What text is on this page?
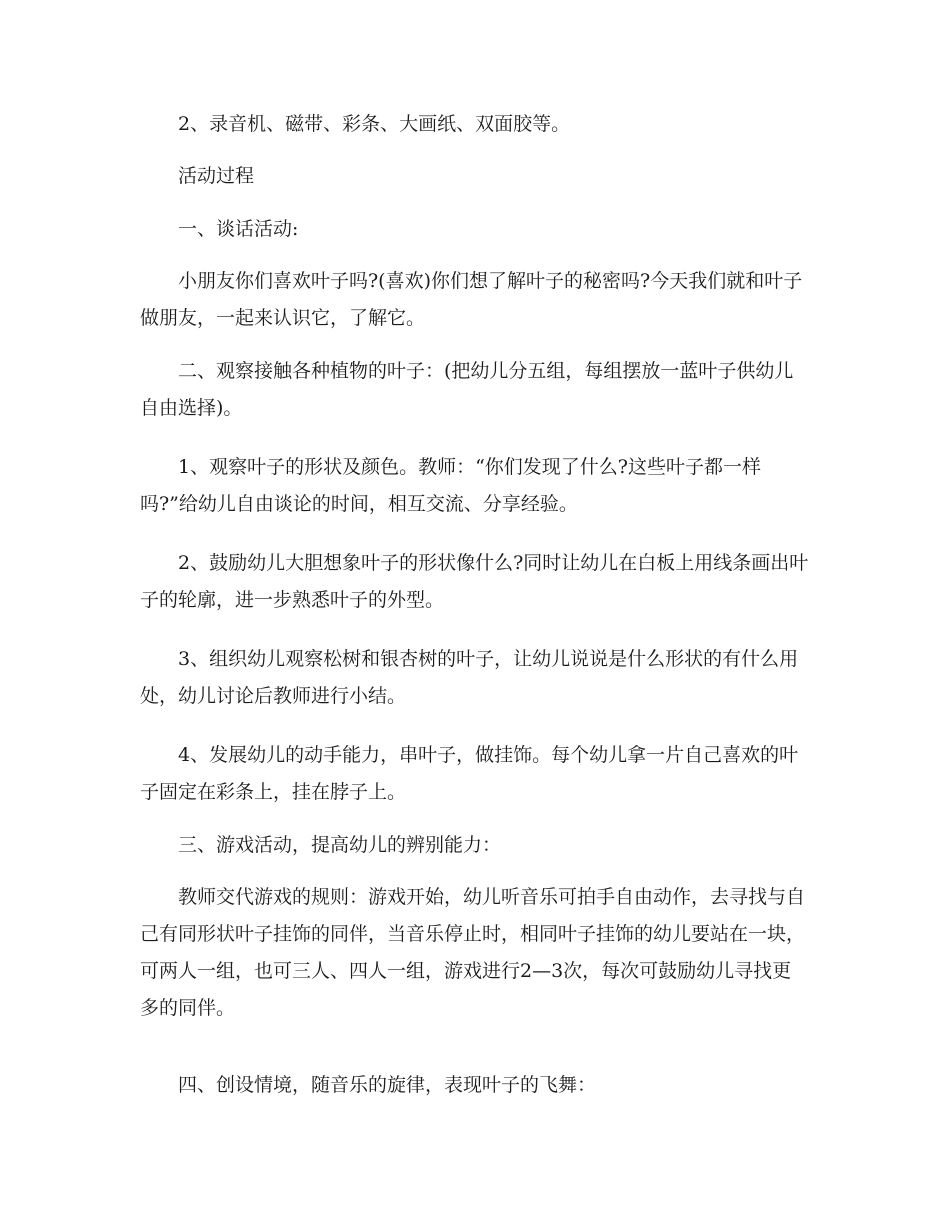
2、录音机、磁带、彩条、大画纸、双面胶等。

活动过程

一、谈话活动:

小朋友你们喜欢叶子吗?(喜欢)你们想了解叶子的秘密吗?今天我们就和叶子做朋友，一起来认识它，了解它。

二、观察接触各种植物的叶子：(把幼儿分五组，每组摆放一蓝叶子供幼儿自由选择)。

1、观察叶子的形状及颜色。教师：“你们发现了什么?这些叶子都一样吗?”给幼儿自由谈论的时间，相互交流、分享经验。

2、鼓励幼儿大胆想象叶子的形状像什么?同时让幼儿在白板上用线条画出叶子的轮廓，进一步熟悉叶子的外型。

3、组织幼儿观察松树和银杏树的叶子，让幼儿说说是什么形状的有什么用处，幼儿讨论后教师进行小结。

4、发展幼儿的动手能力，串叶子，做挂饰。每个幼儿拿一片自己喜欢的叶子固定在彩条上，挂在脖子上。

三、游戏活动，提高幼儿的辨别能力：

教师交代游戏的规则：游戏开始，幼儿听音乐可拍手自由动作，去寻找与自己有同形状叶子挂饰的同伴，当音乐停止时，相同叶子挂饰的幼儿要站在一块，可两人一组，也可三人、四人一组，游戏进行2—3次，每次可鼓励幼儿寻找更多的同伴。

四、创设情境，随音乐的旋律，表现叶子的飞舞：
